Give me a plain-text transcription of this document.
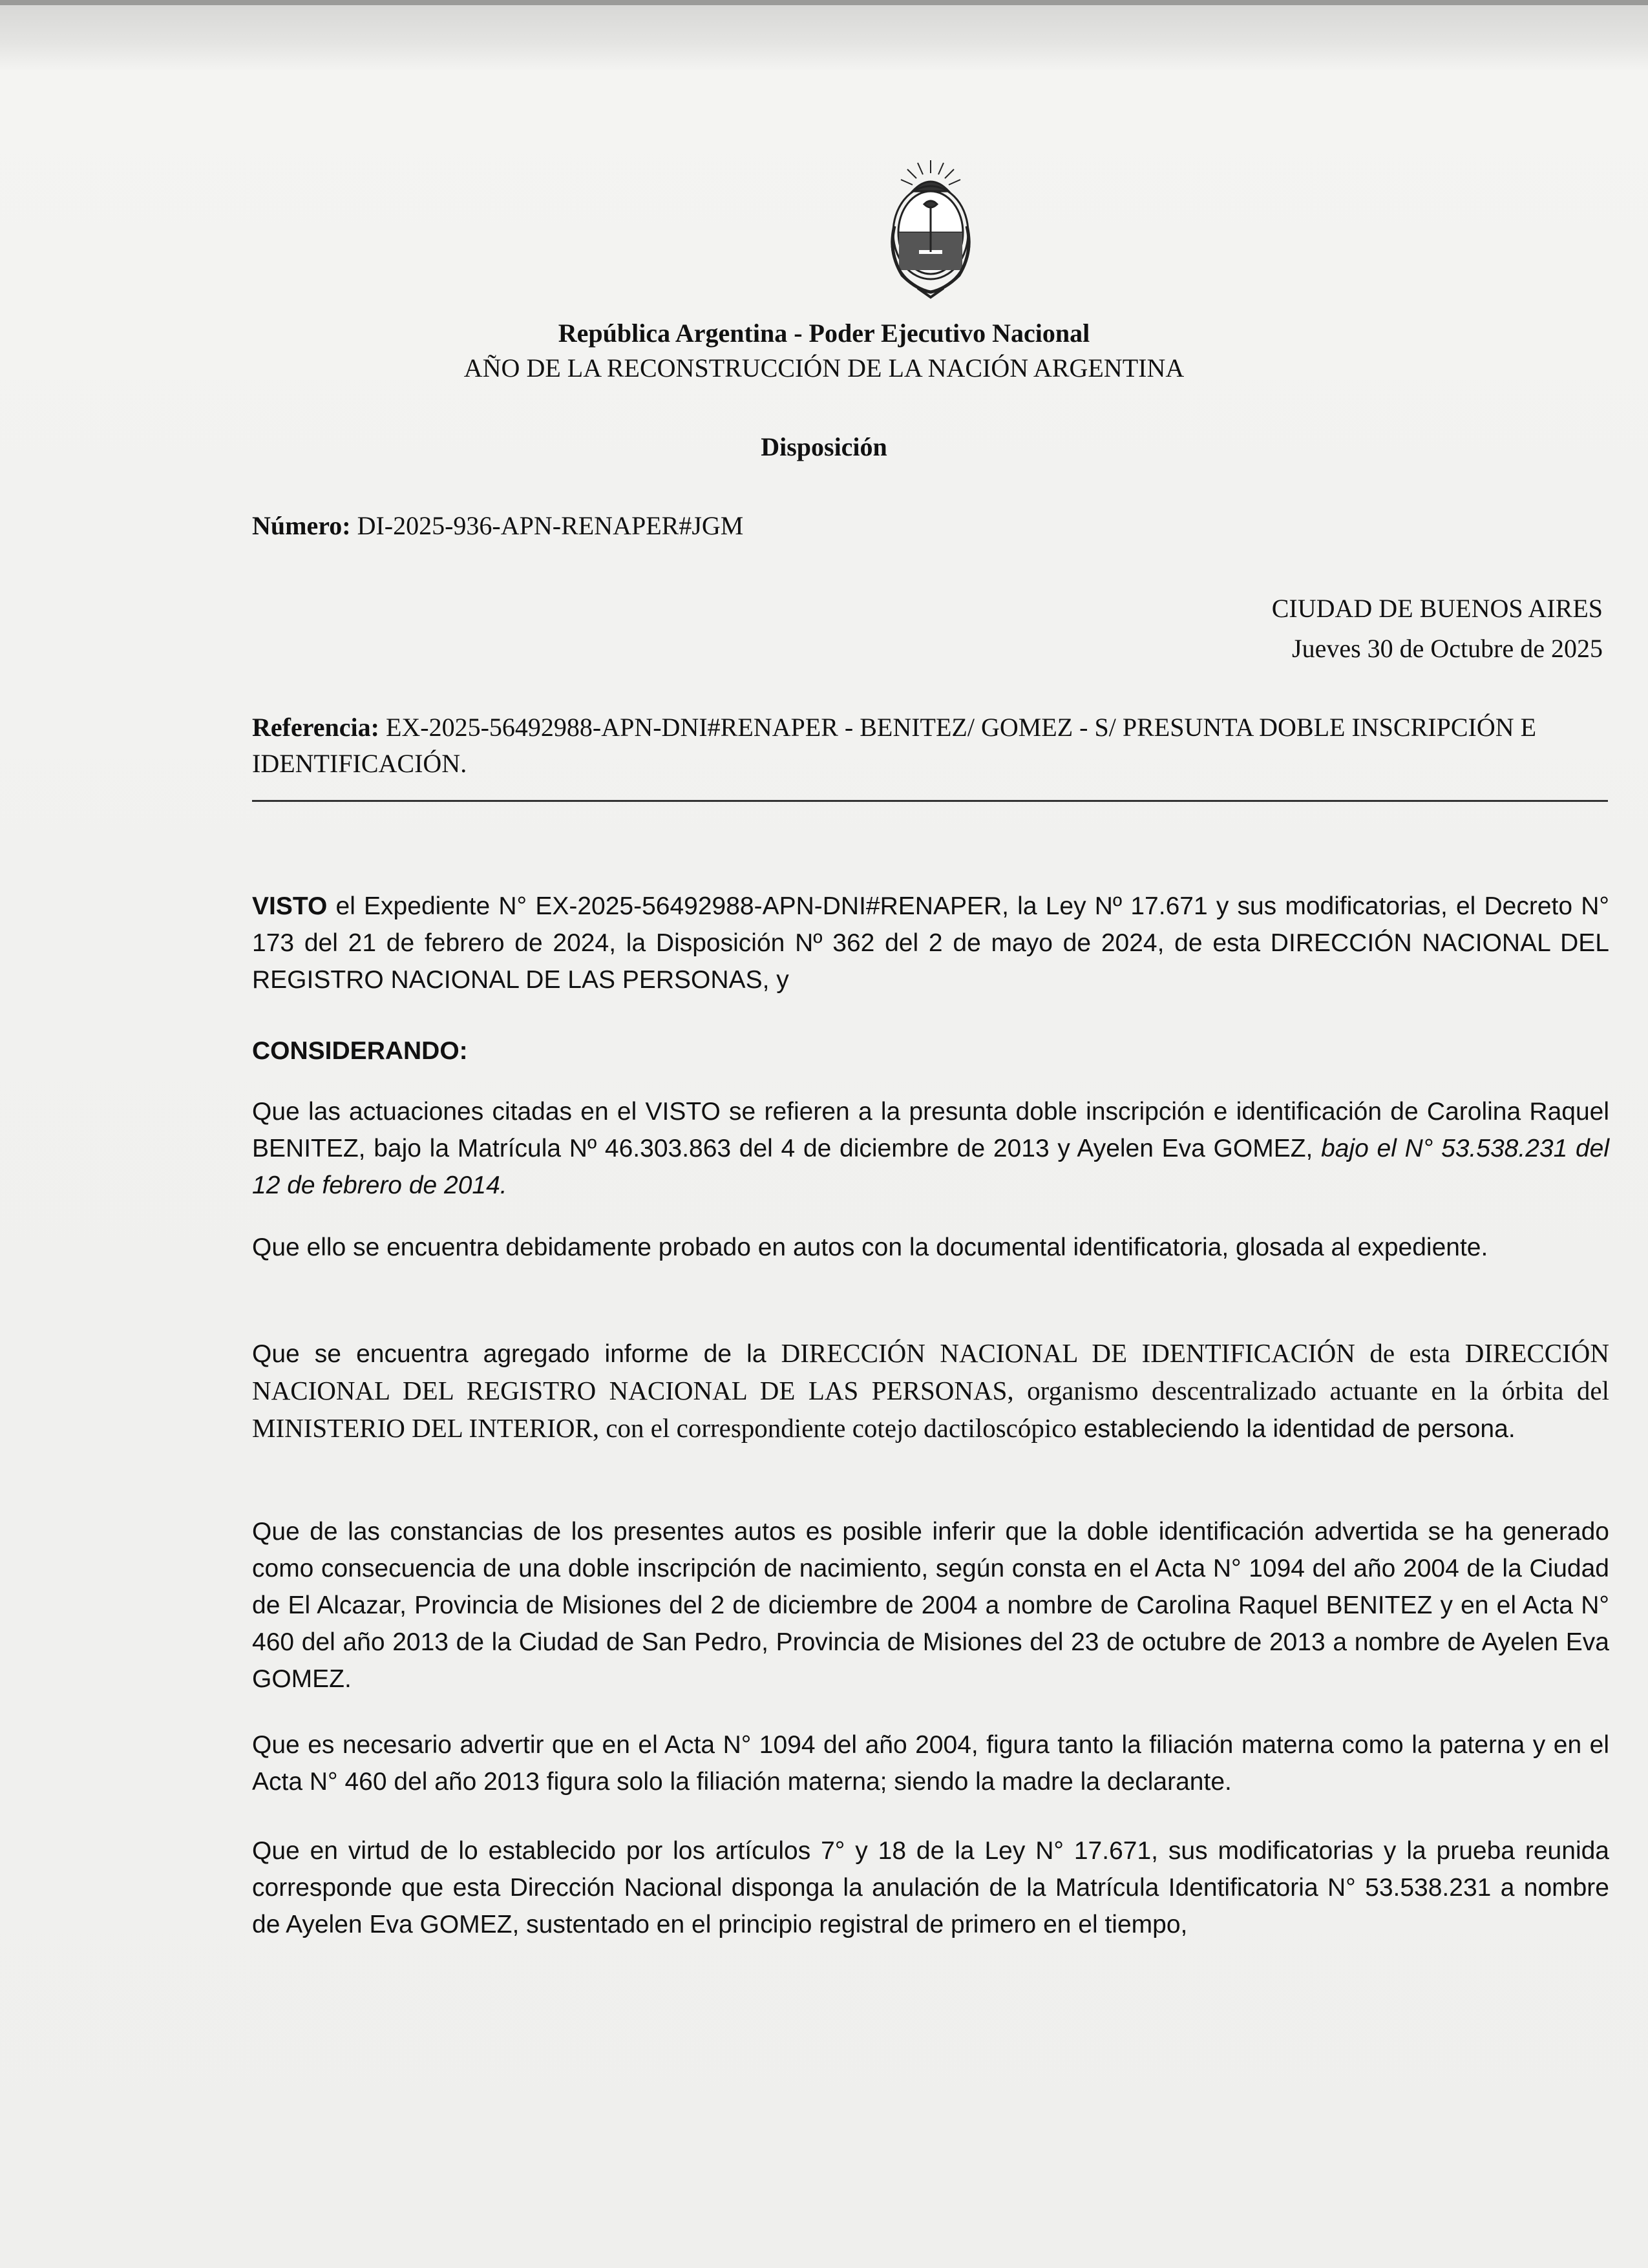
República Argentina - Poder Ejecutivo Nacional
AÑO DE LA RECONSTRUCCIÓN DE LA NACIÓN ARGENTINA
Disposición
Número: DI-2025-936-APN-RENAPER#JGM
CIUDAD DE BUENOS AIRES
Jueves 30 de Octubre de 2025
Referencia: EX-2025-56492988-APN-DNI#RENAPER - BENITEZ/ GOMEZ - S/ PRESUNTA DOBLE INSCRIPCIÓN E IDENTIFICACIÓN.

VISTO el Expediente N° EX-2025-56492988-APN-DNI#RENAPER, la Ley Nº 17.671 y sus modificatorias, el Decreto N° 173 del 21 de febrero de 2024, la Disposición Nº 362 del 2 de mayo de 2024, de esta DIRECCIÓN NACIONAL DEL REGISTRO NACIONAL DE LAS PERSONAS, y

CONSIDERANDO:

Que las actuaciones citadas en el VISTO se refieren a la presunta doble inscripción e identificación de Carolina Raquel BENITEZ, bajo la Matrícula Nº 46.303.863 del 4 de diciembre de 2013 y Ayelen Eva GOMEZ, bajo el N° 53.538.231 del 12 de febrero de 2014.

Que ello se encuentra debidamente probado en autos con la documental identificatoria, glosada al expediente.

Que se encuentra agregado informe de la DIRECCIÓN NACIONAL DE IDENTIFICACIÓN de esta DIRECCIÓN NACIONAL DEL REGISTRO NACIONAL DE LAS PERSONAS, organismo descentralizado actuante en la órbita del MINISTERIO DEL INTERIOR, con el correspondiente cotejo dactiloscópico estableciendo la identidad de persona.

Que de las constancias de los presentes autos es posible inferir que la doble identificación advertida se ha generado como consecuencia de una doble inscripción de nacimiento, según consta en el Acta N° 1094 del año 2004 de la Ciudad de El Alcazar, Provincia de Misiones del 2 de diciembre de 2004 a nombre de Carolina Raquel BENITEZ y en el Acta N° 460 del año 2013 de la Ciudad de San Pedro, Provincia de Misiones del 23 de octubre de 2013 a nombre de Ayelen Eva GOMEZ.

Que es necesario advertir que en el Acta N° 1094 del año 2004, figura tanto la filiación materna como la paterna y en el Acta N° 460 del año 2013 figura solo la filiación materna; siendo la madre la declarante.

Que en virtud de lo establecido por los artículos 7° y 18 de la Ley N° 17.671, sus modificatorias y la prueba reunida corresponde que esta Dirección Nacional disponga la anulación de la Matrícula Identificatoria N° 53.538.231 a nombre de Ayelen Eva GOMEZ, sustentado en el principio registral de primero en el tiempo,
